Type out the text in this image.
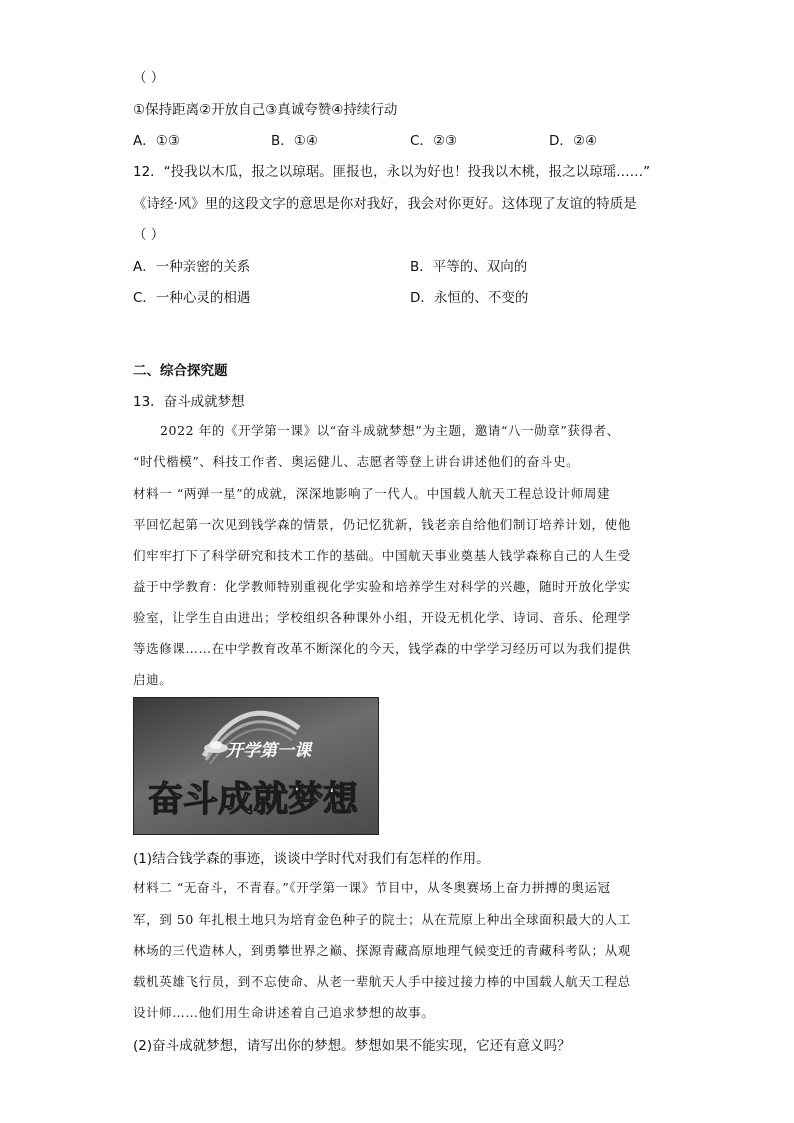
（ ）
①保持距离②开放自己③真诚夸赞④持续行动
A．①③	B．①④	C．②③	D．②④
12．“投我以木瓜，报之以琼琚。匪报也，永以为好也！投我以木桃，报之以琼瑶……”
《诗经·风》里的这段文字的意思是你对我好，我会对你更好。这体现了友谊的特质是
（ ）
A．一种亲密的关系	B．平等的、双向的
C．一种心灵的相遇	D．永恒的、不变的
二、综合探究题
13．奋斗成就梦想
2022 年的《开学第一课》以“奋斗成就梦想”为主题，邀请“八一勋章”获得者、
“时代楷模”、科技工作者、奥运健儿、志愿者等登上讲台讲述他们的奋斗史。
材料一 “两弹一星”的成就，深深地影响了一代人。中国载人航天工程总设计师周建
平回忆起第一次见到钱学森的情景，仍记忆犹新，钱老亲自给他们制订培养计划，使他
们牢牢打下了科学研究和技术工作的基础。中国航天事业奠基人钱学森称自己的人生受
益于中学教育：化学教师特别重视化学实验和培养学生对科学的兴趣，随时开放化学实
验室，让学生自由进出；学校组织各种课外小组，开设无机化学、诗词、音乐、伦理学
等选修课……在中学教育改革不断深化的今天，钱学森的中学学习经历可以为我们提供
启迪。
开学第一课
奋斗成就梦想
(1)结合钱学森的事迹，谈谈中学时代对我们有怎样的作用。
材料二 “无奋斗，不青春。”《开学第一课》节目中，从冬奥赛场上奋力拼搏的奥运冠
军，到 50 年扎根土地只为培育金色种子的院士；从在荒原上种出全球面积最大的人工
林场的三代造林人，到勇攀世界之巅、探源青藏高原地理气候变迁的青藏科考队；从观
载机英雄飞行员，到不忘使命、从老一辈航天人手中接过接力棒的中国载人航天工程总
设计师……他们用生命讲述着自己追求梦想的故事。
(2)奋斗成就梦想，请写出你的梦想。梦想如果不能实现，它还有意义吗？
